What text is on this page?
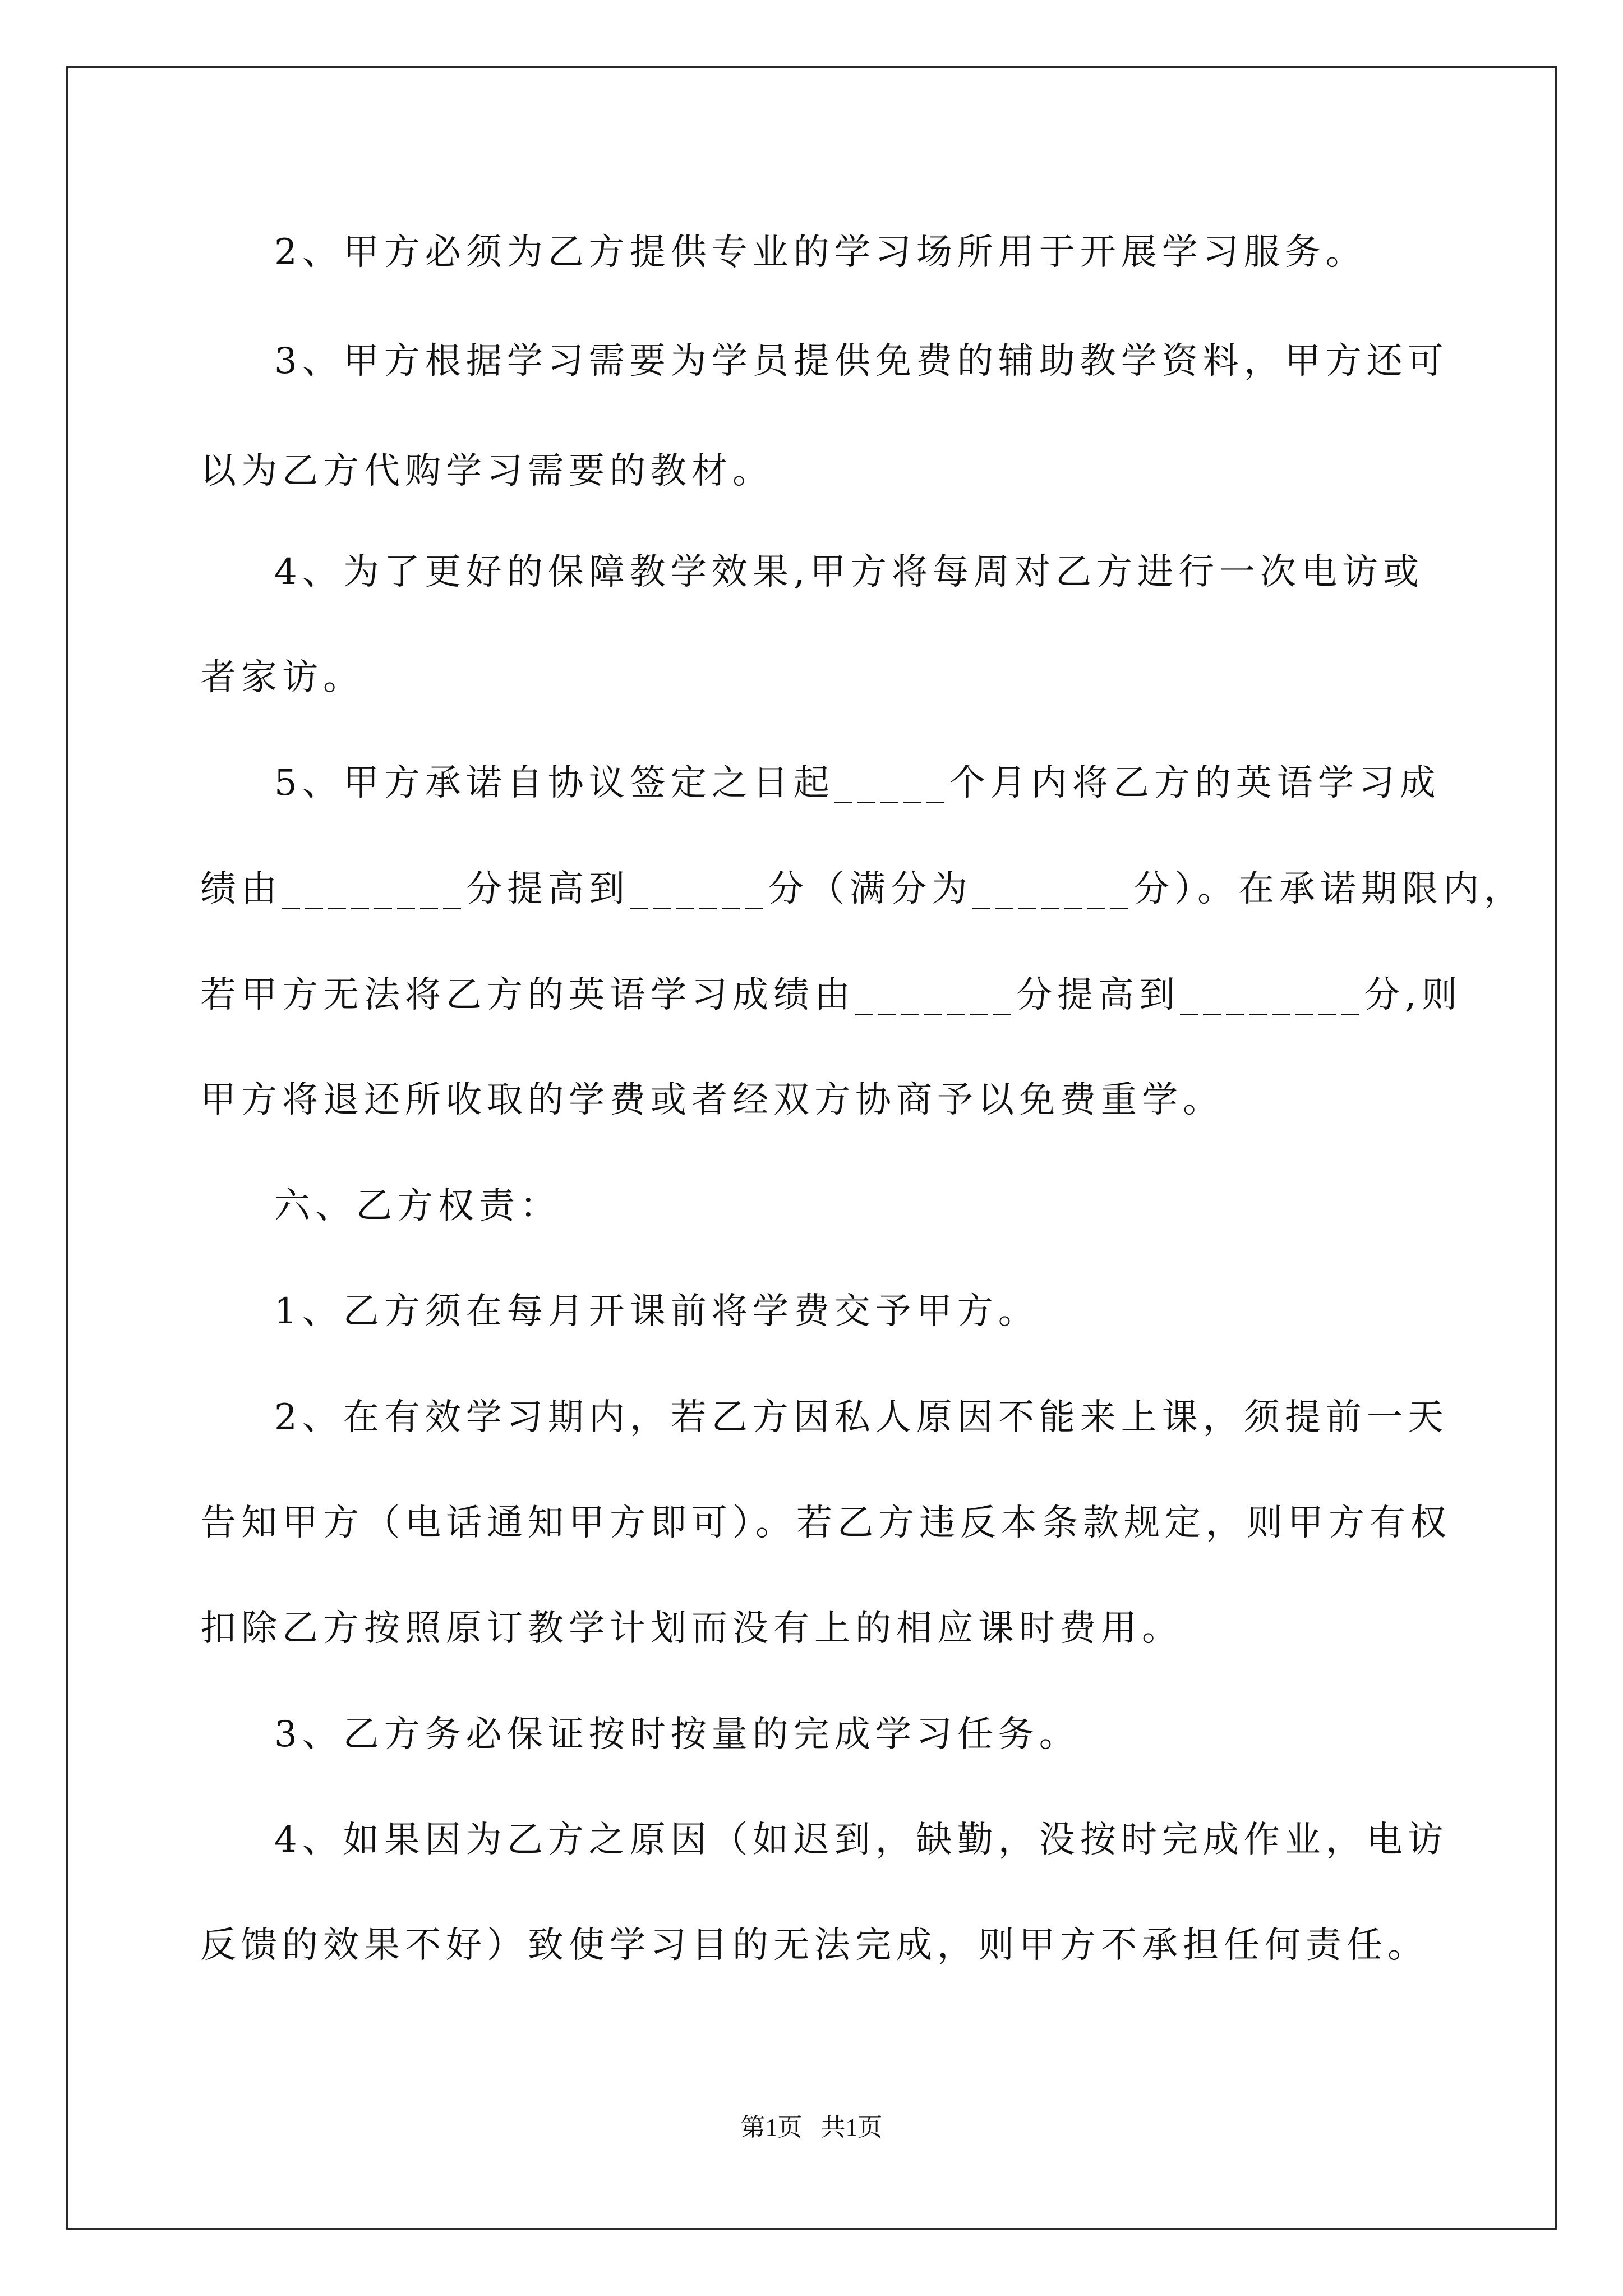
2、甲方必须为乙方提供专业的学习场所用于开展学习服务。
3、甲方根据学习需要为学员提供免费的辅助教学资料，甲方还可
以为乙方代购学习需要的教材。
4、为了更好的保障教学效果,甲方将每周对乙方进行一次电访或
者家访。
5、甲方承诺自协议签定之日起_____个月内将乙方的英语学习成
绩由________分提高到______分（满分为_______分）。在承诺期限内，
若甲方无法将乙方的英语学习成绩由_______分提高到________分,则
甲方将退还所收取的学费或者经双方协商予以免费重学。
六、乙方权责：
1、乙方须在每月开课前将学费交予甲方。
2、在有效学习期内，若乙方因私人原因不能来上课，须提前一天
告知甲方（电话通知甲方即可）。若乙方违反本条款规定，则甲方有权
扣除乙方按照原订教学计划而没有上的相应课时费用。
3、乙方务必保证按时按量的完成学习任务。
4、如果因为乙方之原因（如迟到，缺勤，没按时完成作业，电访
反馈的效果不好）致使学习目的无法完成，则甲方不承担任何责任。
第1页   共1页
